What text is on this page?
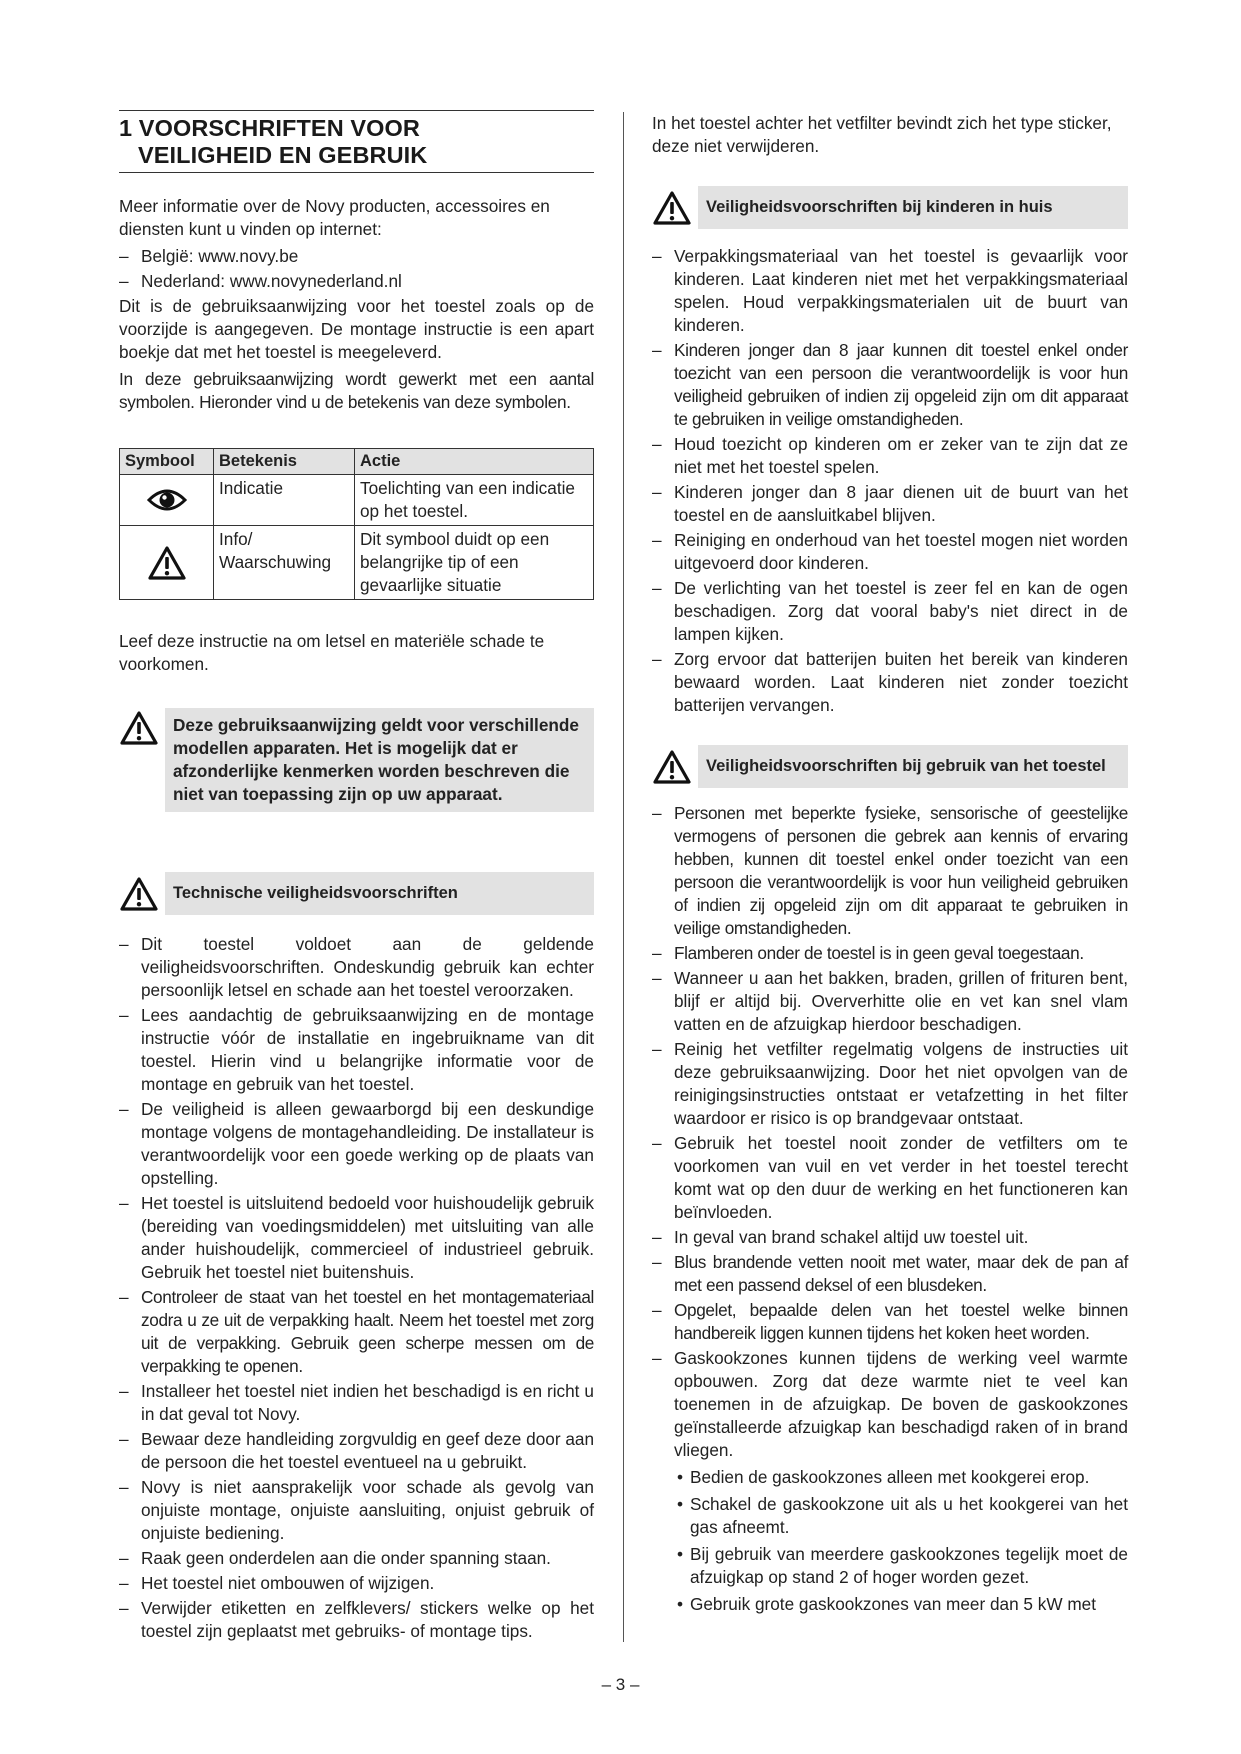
1 VOORSCHRIFTEN VOOR
VEILIGHEID EN GEBRUIK

Meer informatie over de Novy producten, accessoires en diensten kunt u vinden op internet:

– België: www.novy.be
– Nederland: www.novynederland.nl

Dit is de gebruiksaanwijzing voor het toestel zoals op de voorzijde is aangegeven. De montage instructie is een apart boekje dat met het toestel is meegeleverd.

In deze gebruiksaanwijzing wordt gewerkt met een aantal symbolen. Hieronder vind u de betekenis van deze symbolen.

Symbool	Betekenis	Actie

	Indicatie	Toelichting van een indicatie op het toestel.

	Info/ Waarschuwing	Dit symbool duidt op een belangrijke tip of een gevaarlijke situatie

Leef deze instructie na om letsel en materiële schade te voorkomen.

Deze gebruiksaanwijzing geldt voor verschillende modellen apparaten. Het is mogelijk dat er afzonderlijke kenmerken worden beschreven die niet van toepassing zijn op uw apparaat.
Technische veiligheidsvoorschriften
– Dit toestel voldoet aan de geldende veiligheidsvoorschriften. Ondeskundig gebruik kan echter persoonlijk letsel en schade aan het toestel veroorzaken.
– Lees aandachtig de gebruiksaanwijzing en de montage instructie vóór de installatie en ingebruikname van dit toestel. Hierin vind u belangrijke informatie voor de montage en gebruik van het toestel.
– De veiligheid is alleen gewaarborgd bij een deskundige montage volgens de montagehandleiding. De installateur is verantwoordelijk voor een goede werking op de plaats van opstelling.
– Het toestel is uitsluitend bedoeld voor huishoudelijk gebruik (bereiding van voedingsmiddelen) met uitsluiting van alle ander huishoudelijk, commercieel of industrieel gebruik. Gebruik het toestel niet buitenshuis.
– Controleer de staat van het toestel en het montagemateriaal zodra u ze uit de verpakking haalt. Neem het toestel met zorg uit de verpakking. Gebruik geen scherpe messen om de verpakking te openen.
– Installeer het toestel niet indien het beschadigd is en richt u in dat geval tot Novy.
– Bewaar deze handleiding zorgvuldig en geef deze door aan de persoon die het toestel eventueel na u gebruikt.
– Novy is niet aansprakelijk voor schade als gevolg van onjuiste montage, onjuiste aansluiting, onjuist gebruik of onjuiste bediening.
– Raak geen onderdelen aan die onder spanning staan.
– Het toestel niet ombouwen of wijzigen.
– Verwijder etiketten en zelfklevers/ stickers welke op het toestel zijn geplaatst met gebruiks- of montage tips.

In het toestel achter het vetfilter bevindt zich het type sticker, deze niet verwijderen.

Veiligheidsvoorschriften bij kinderen in huis
– Verpakkingsmateriaal van het toestel is gevaarlijk voor kinderen. Laat kinderen niet met het verpakkingsmateriaal spelen. Houd verpakkingsmaterialen uit de buurt van kinderen.
– Kinderen jonger dan 8 jaar kunnen dit toestel enkel onder toezicht van een persoon die verantwoordelijk is voor hun veiligheid gebruiken of indien zij opgeleid zijn om dit apparaat te gebruiken in veilige omstandigheden.
– Houd toezicht op kinderen om er zeker van te zijn dat ze niet met het toestel spelen.
– Kinderen jonger dan 8 jaar dienen uit de buurt van het toestel en de aansluitkabel blijven.
– Reiniging en onderhoud van het toestel mogen niet worden uitgevoerd door kinderen.
– De verlichting van het toestel is zeer fel en kan de ogen beschadigen. Zorg dat vooral baby's niet direct in de lampen kijken.
– Zorg ervoor dat batterijen buiten het bereik van kinderen bewaard worden. Laat kinderen niet zonder toezicht batterijen vervangen.
Veiligheidsvoorschriften bij gebruik van het toestel
– Personen met beperkte fysieke, sensorische of geestelijke vermogens of personen die gebrek aan kennis of ervaring hebben, kunnen dit toestel enkel onder toezicht van een persoon die verantwoordelijk is voor hun veiligheid gebruiken of indien zij opgeleid zijn om dit apparaat te gebruiken in veilige omstandigheden.
– Flamberen onder de toestel is in geen geval toegestaan.
– Wanneer u aan het bakken, braden, grillen of frituren bent, blijf er altijd bij. Oververhitte olie en vet kan snel vlam vatten en de afzuigkap hierdoor beschadigen.
– Reinig het vetfilter regelmatig volgens de instructies uit deze gebruiksaanwijzing. Door het niet opvolgen van de reinigingsinstructies ontstaat er vetafzetting in het filter waardoor er risico is op brandgevaar ontstaat.
– Gebruik het toestel nooit zonder de vetfilters om te voorkomen van vuil en vet verder in het toestel terecht komt wat op den duur de werking en het functioneren kan beïnvloeden.
– In geval van brand schakel altijd uw toestel uit.
– Blus brandende vetten nooit met water, maar dek de pan af met een passend deksel of een blusdeken.
– Opgelet, bepaalde delen van het toestel welke binnen handbereik liggen kunnen tijdens het koken heet worden.
– Gaskookzones kunnen tijdens de werking veel warmte opbouwen. Zorg dat deze warmte niet te veel kan toenemen in de afzuigkap. De boven de gaskookzones geïnstalleerde afzuigkap kan beschadigd raken of in brand vliegen.
• Bedien de gaskookzones alleen met kookgerei erop.
• Schakel de gaskookzone uit als u het kookgerei van het gas afneemt.
• Bij gebruik van meerdere gaskookzones tegelijk moet de afzuigkap op stand 2 of hoger worden gezet.
• Gebruik grote gaskookzones van meer dan 5 kW met
– 3 –
